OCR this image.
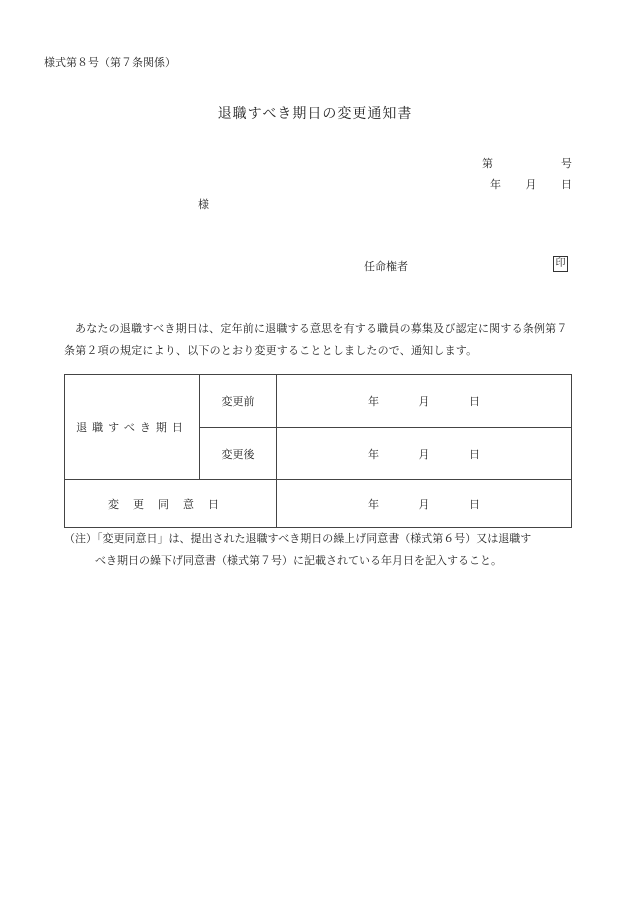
様式第８号（第７条関係）
退職すべき期日の変更通知書
第	号
年 月 日
様
任命権者	印
あなたの退職すべき期日は、定年前に退職する意思を有する職員の募集及び認定に関する条例第７条第２項の規定により、以下のとおり変更することとしましたので、通知します。
退職すべき期日	変更前	年 月 日

	変更後	年 月 日

変更同意日		年 月 日
（注）「変更同意日」は、提出された退職すべき期日の繰上げ同意書（様式第６号）又は退職す
べき期日の繰下げ同意書（様式第７号）に記載されている年月日を記入すること。
